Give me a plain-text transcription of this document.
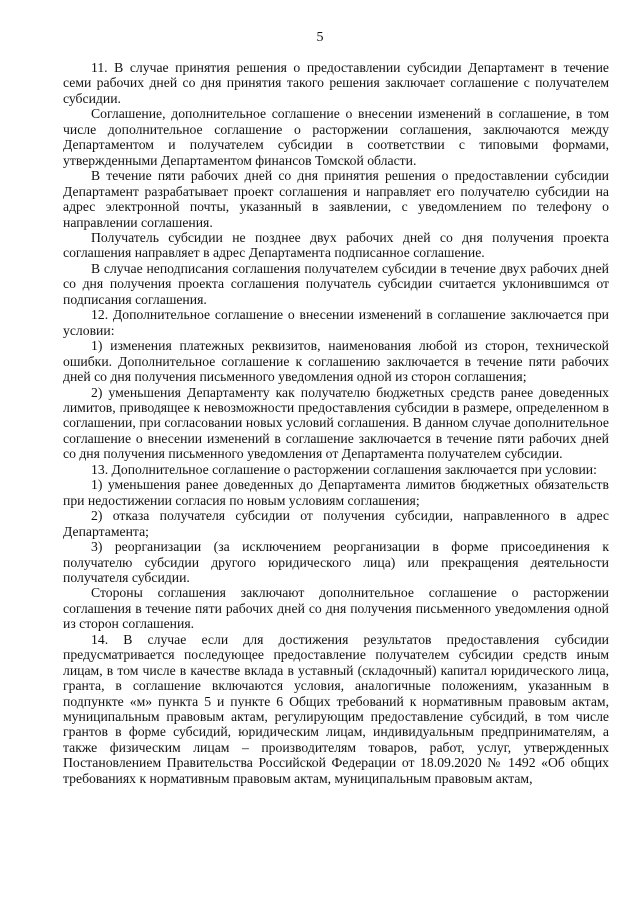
5

11. В случае принятия решения о предоставлении субсидии Департамент в течение семи рабочих дней со дня принятия такого решения заключает соглашение с получателем субсидии.

Соглашение, дополнительное соглашение о внесении изменений в соглашение, в том числе дополнительное соглашение о расторжении соглашения, заключаются между Департаментом и получателем субсидии в соответствии с типовыми формами, утвержденными Департаментом финансов Томской области.

В течение пяти рабочих дней со дня принятия решения о предоставлении субсидии Департамент разрабатывает проект соглашения и направляет его получателю субсидии на адрес электронной почты, указанный в заявлении, с уведомлением по телефону о направлении соглашения.

Получатель субсидии не позднее двух рабочих дней со дня получения проекта соглашения направляет в адрес Департамента подписанное соглашение.

В случае неподписания соглашения получателем субсидии в течение двух рабочих дней со дня получения проекта соглашения получатель субсидии считается уклонившимся от подписания соглашения.

12. Дополнительное соглашение о внесении изменений в соглашение заключается при условии:

1) изменения платежных реквизитов, наименования любой из сторон, технической ошибки. Дополнительное соглашение к соглашению заключается в течение пяти рабочих дней со дня получения письменного уведомления одной из сторон соглашения;

2) уменьшения Департаменту как получателю бюджетных средств ранее доведенных лимитов, приводящее к невозможности предоставления субсидии в размере, определенном в соглашении, при согласовании новых условий соглашения. В данном случае дополнительное соглашение о внесении изменений в соглашение заключается в течение пяти рабочих дней со дня получения письменного уведомления от Департамента получателем субсидии.

13. Дополнительное соглашение о расторжении соглашения заключается при условии:

1) уменьшения ранее доведенных до Департамента лимитов бюджетных обязательств при недостижении согласия по новым условиям соглашения;

2) отказа получателя субсидии от получения субсидии, направленного в адрес Департамента;

3) реорганизации (за исключением реорганизации в форме присоединения к получателю субсидии другого юридического лица) или прекращения деятельности получателя субсидии.

Стороны соглашения заключают дополнительное соглашение о расторжении соглашения в течение пяти рабочих дней со дня получения письменного уведомления одной из сторон соглашения.

14. В случае если для достижения результатов предоставления субсидии предусматривается последующее предоставление получателем субсидии средств иным лицам, в том числе в качестве вклада в уставный (складочный) капитал юридического лица, гранта, в соглашение включаются условия, аналогичные положениям, указанным в подпункте «м» пункта 5 и пункте 6 Общих требований к нормативным правовым актам, муниципальным правовым актам, регулирующим предоставление субсидий, в том числе грантов в форме субсидий, юридическим лицам, индивидуальным предпринимателям, а также физическим лицам – производителям товаров, работ, услуг, утвержденных Постановлением Правительства Российской Федерации от 18.09.2020 № 1492 «Об общих требованиях к нормативным правовым актам, муниципальным правовым актам,
